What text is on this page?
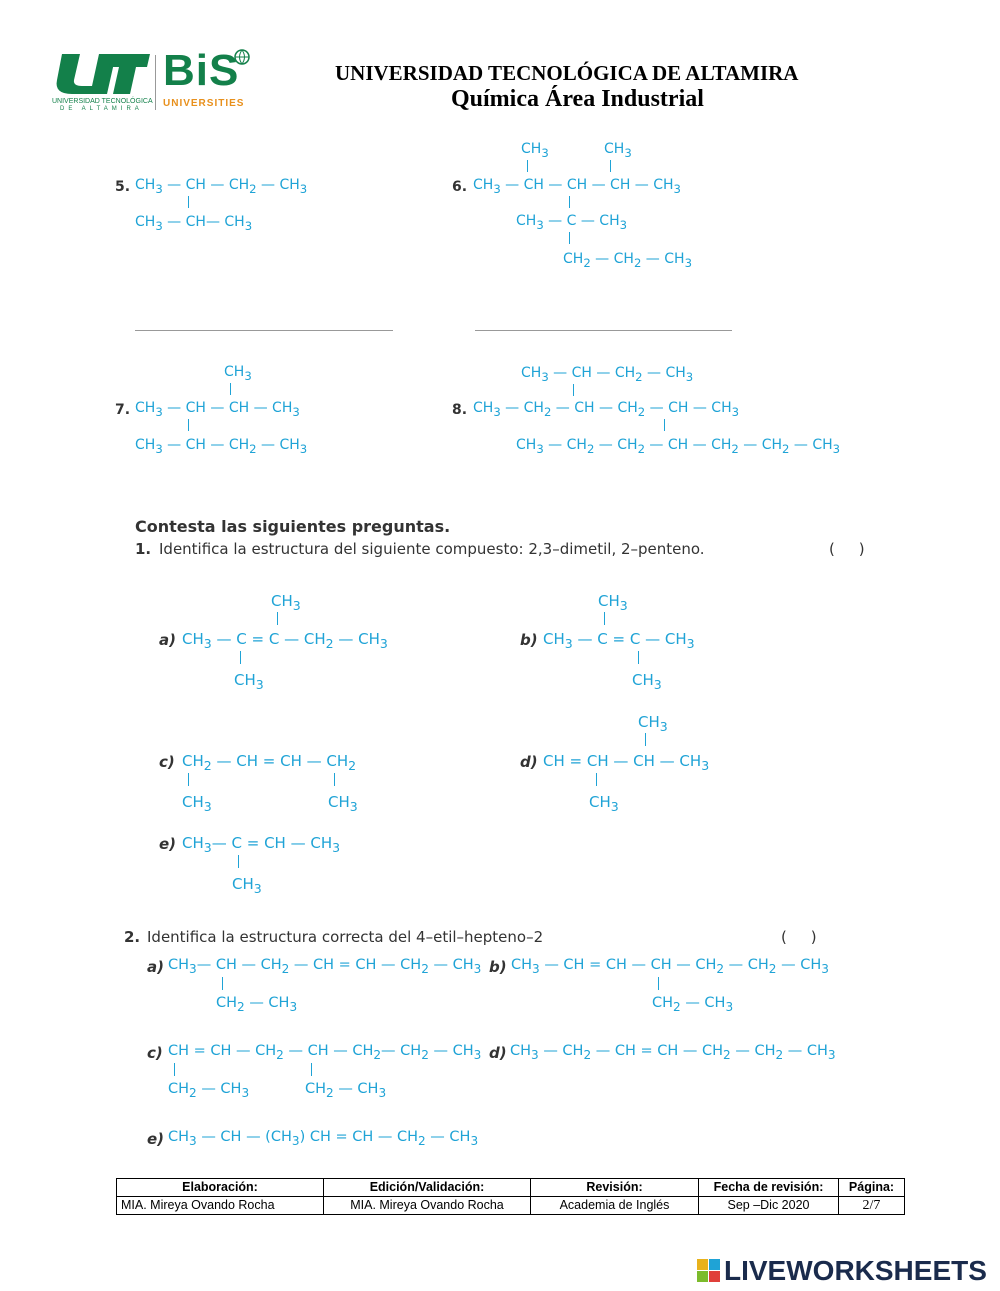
UNIVERSIDAD TECNOLÓGICA
DE ALTAMIRA
BiS
UNIVERSITIES
UNIVERSIDAD TECNOLÓGICA DE ALTAMIRA
Química Área Industrial
5. $CH_3$ — CH — $CH_2$ — $CH_3$
$CH_3$ — CH— $CH_3$
6.
$CH_3$	$CH_3$
$CH_3$ — CH — CH — CH — $CH_3$
$CH_3$ — C — $CH_3$
$CH_2$ — $CH_2$ — $CH_3$
$CH_3$
7. $CH_3$ — CH — CH — $CH_3$
$CH_3$ — CH — $CH_2$ — $CH_3$
$CH_3$ — CH — $CH_2$ — $CH_3$
8. $CH_3$ — $CH_2$ — CH — $CH_2$ — CH — $CH_3$
$CH_3$ — $CH_2$ — $CH_2$ — CH — $CH_2$ — $CH_2$ — $CH_3$
Contesta las siguientes preguntas.
1. Identifica la estructura del siguiente compuesto: 2,3–dimetil, 2–penteno.	(     )
$CH_3$
a) $CH_3$ — C = C — $CH_2$ — $CH_3$
$CH_3$
$CH_3$
b) $CH_3$ — C = C — $CH_3$
$CH_3$
c) $CH_2$ — CH = CH — $CH_2$
$CH_3$	$CH_3$
$CH_3$
d) CH = CH — CH — $CH_3$
$CH_3$
e) $CH_3—$ C = CH — $CH_3$
$CH_3$
2. Identifica la estructura correcta del 4–etil–hepteno–2	(     )
a) $CH_3—$ CH — $CH_2$ — CH = CH — $CH_2$ — $CH_3$
$CH_2$ — $CH_3$
b) $CH_3$ — CH = CH — CH — $CH_2$ — $CH_2$ — $CH_3$
$CH_2$ — $CH_3$
c) CH = CH — $CH_2$ — CH — $CH_2—$ $CH_2$ — $CH_3$
$CH_2$ — $CH_3$	$CH_2$ — $CH_3$
d) $CH_3$ — $CH_2$ — CH = CH — $CH_2$ — $CH_2$ — $CH_3$
e) $CH_3$ — CH — $(CH_3)$ CH = CH — $CH_2$ — $CH_3$
Elaboración:	Edición/Validación:	Revisión:	Fecha de revisión:	Página:
MIA. Mireya Ovando Rocha	MIA. Mireya Ovando Rocha	Academia de Inglés	Sep –Dic 2020	2/7
LIVEWORKSHEETS
